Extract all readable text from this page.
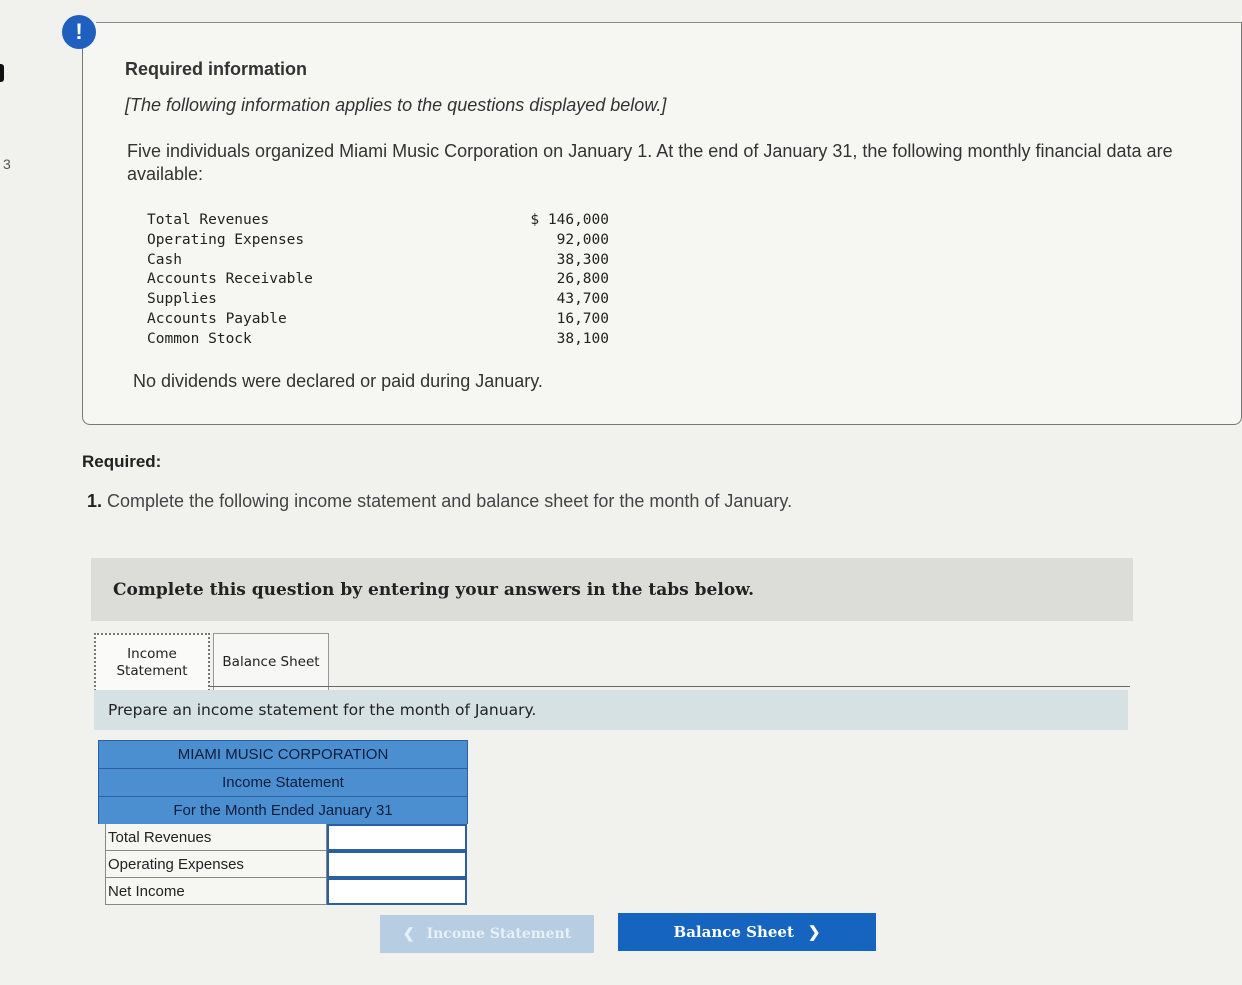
3
Required information
[The following information applies to the questions displayed below.]
Five individuals organized Miami Music Corporation on January 1. At the end of January 31, the following monthly financial data are available:
Total Revenues	$ 146,000
Operating Expenses	92,000
Cash	38,300
Accounts Receivable	26,800
Supplies	43,700
Accounts Payable	16,700
Common Stock	38,100
No dividends were declared or paid during January.
!
Required:
1. Complete the following income statement and balance sheet for the month of January.
Complete this question by entering your answers in the tabs below.
Income Statement
Balance Sheet
Prepare an income statement for the month of January.
MIAMI MUSIC CORPORATION
Income Statement
For the Month Ended January 31
Total Revenues
Operating Expenses
Net Income
❮ Income Statement	Balance Sheet ❯
